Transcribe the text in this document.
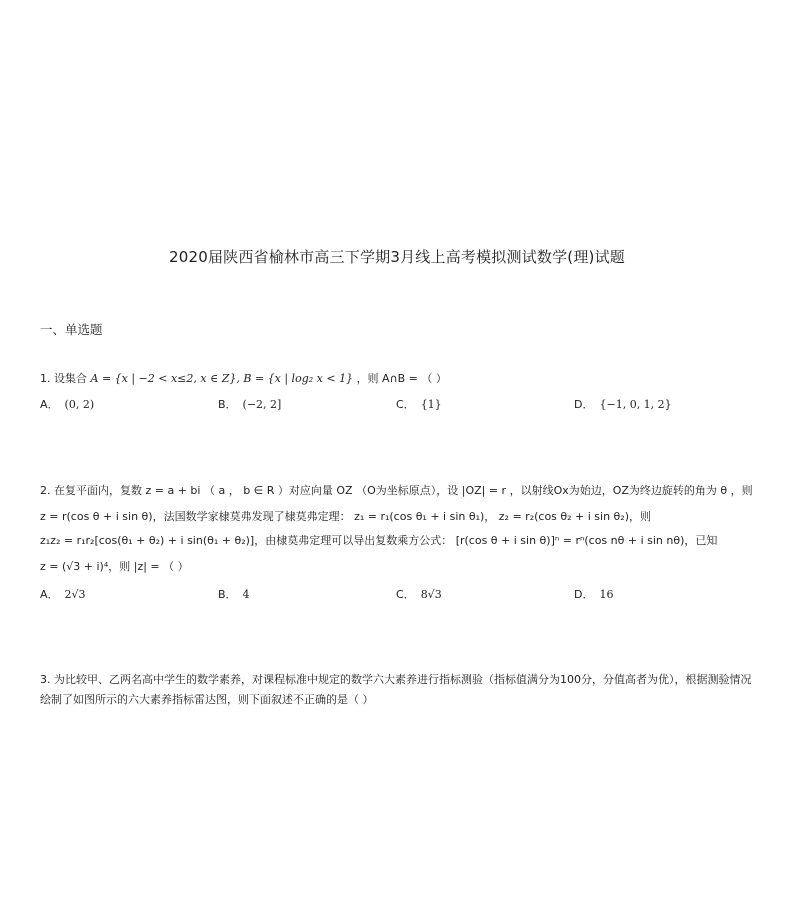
2020届陕西省榆林市高三下学期3月线上高考模拟测试数学(理)试题
一、单选题
1. 设集合 A = {x | −2 < x≤2, x ∈ Z}, B = {x | log₂ x < 1} ，则 A∩B = （ ）
A． (0, 2)	B． (−2, 2]	C． {1}	D． {−1, 0, 1, 2}
2. 在复平面内，复数 z = a + bi （ a ， b ∈ R ）对应向量 OZ （O为坐标原点），设 |OZ| = r ，以射线Ox为始边，OZ为终边旋转的角为 θ ，则
z = r(cos θ + i sin θ)，法国数学家棣莫弗发现了棣莫弗定理： z₁ = r₁(cos θ₁ + i sin θ₁)， z₂ = r₂(cos θ₂ + i sin θ₂)，则
z₁z₂ = r₁r₂[cos(θ₁ + θ₂) + i sin(θ₁ + θ₂)]，由棣莫弗定理可以导出复数乘方公式： [r(cos θ + i sin θ)]ⁿ = rⁿ(cos nθ + i sin nθ)，已知
z = (√3 + i)⁴，则 |z| = （ ）
A． 2√3	B． 4	C． 8√3	D． 16
3. 为比较甲、乙两名高中学生的数学素养，对课程标准中规定的数学六大素养进行指标测验（指标值满分为100分，分值高者为优），根据测验情况绘制了如图所示的六大素养指标雷达图，则下面叙述不正确的是（ ）
